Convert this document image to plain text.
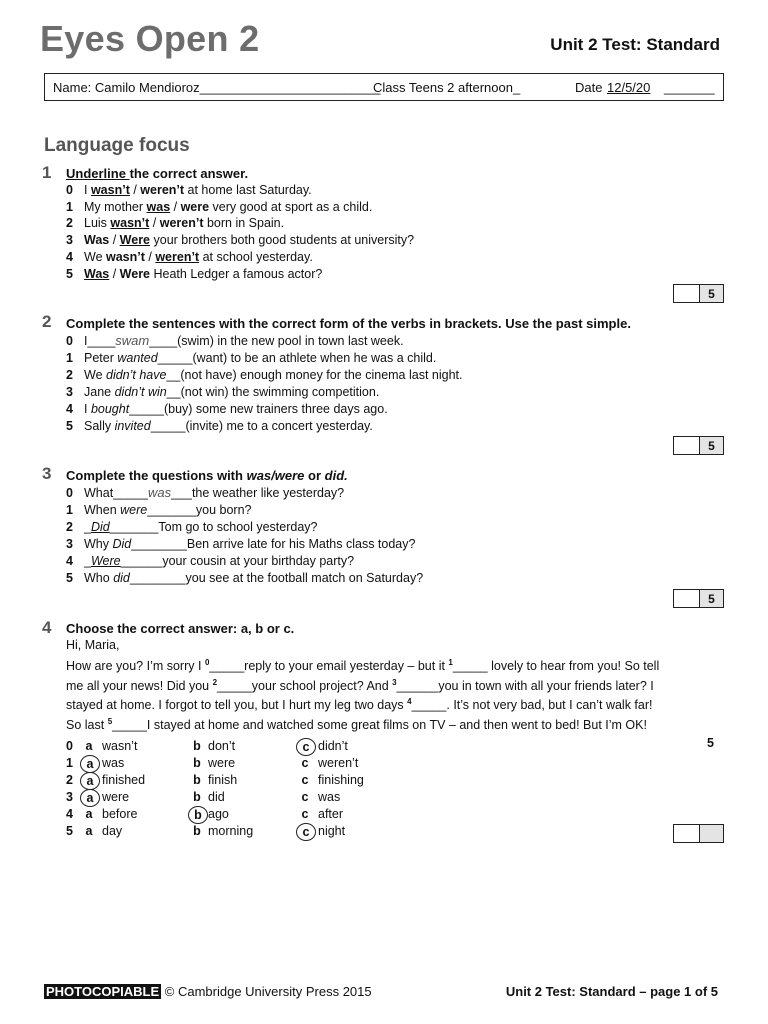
Eyes Open 2	Unit 2 Test: Standard
Name: Camilo Mendioroz_________________________
Class Teens 2 afternoon_	Date 12/5/20 _______
Language focus
1 Underline the correct answer.
0 I wasn’t / weren’t at home last Saturday.
1 My mother was / were very good at sport as a child.
2 Luis wasn’t / weren’t born in Spain.
3 Was / Were your brothers both good students at university?
4 We wasn’t / weren’t at school yesterday.
5 Was / Were Heath Ledger a famous actor?
5
2 Complete the sentences with the correct form of the verbs in brackets. Use the past simple.
0 I____swam____(swim) in the new pool in town last week.
1 Peter wanted_____(want) to be an athlete when he was a child.
2 We didn’t have__(not have) enough money for the cinema last night.
3 Jane didn’t win__(not win) the swimming competition.
4 I bought_____(buy) some new trainers three days ago.
5 Sally invited_____(invite) me to a concert yesterday.
5
3 Complete the questions with was/were or did.
0 What_____was___the weather like yesterday?
1 When were_______you born?
2 _Did_______Tom go to school yesterday?
3 Why Did________Ben arrive late for his Maths class today?
4 _Were______your cousin at your birthday party?
5 Who did________you see at the football match on Saturday?
5
4 Choose the correct answer: a, b or c.
Hi, Maria,
How are you? I’m sorry I $^0$_____reply to your email yesterday – but it $^1$_____ lovely to hear from you! So tell me all your news! Did you $^2$_____your school project? And $^3$______you in town with all your friends later? I stayed at home. I forgot to tell you, but I hurt my leg two days $^4$_____. It’s not very bad, but I can’t walk far! So last $^5$_____I stayed at home and watched some great films on TV – and then went to bed! But I’m OK!
0	a wasn’t	b don’t	c didn’t
1	a was	b were	c weren’t
2	a finished	b finish	c finishing
3	a were	b did	c was
4	a before	b ago	c after
5	a day	b morning	c night
5
PHOTOCOPIABLE © Cambridge University Press 2015	Unit 2 Test: Standard – page 1 of 5
